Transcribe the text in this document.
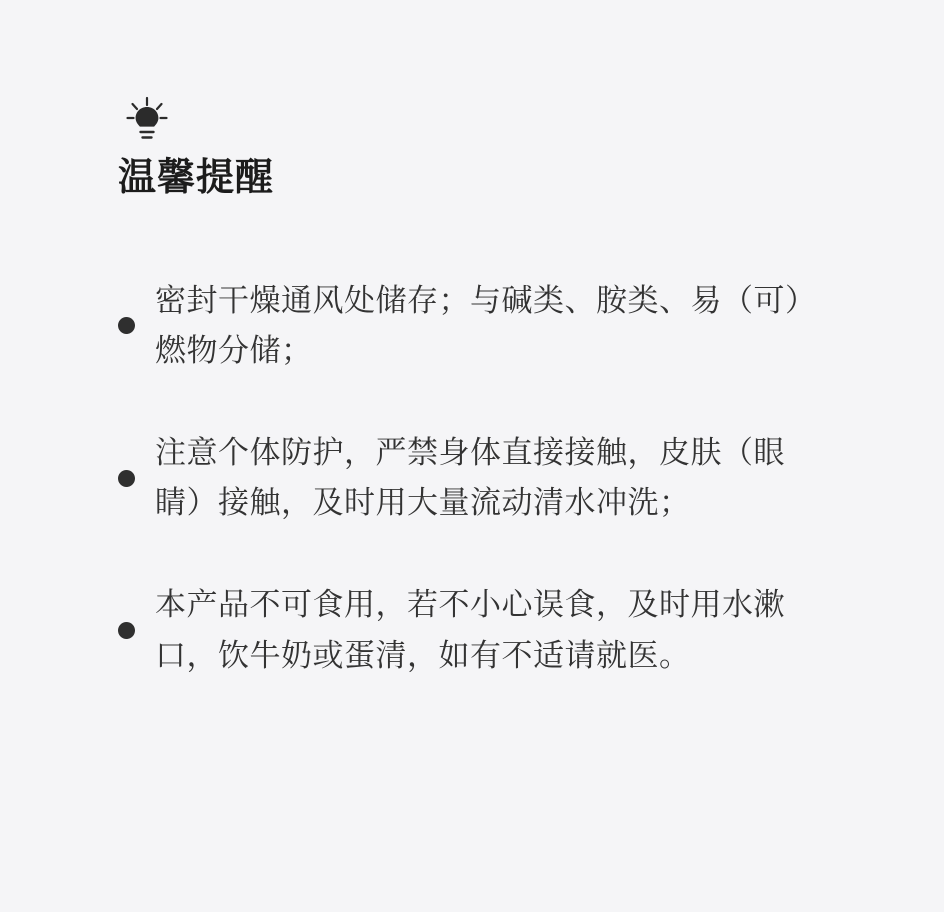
温馨提醒
密封干燥通风处储存；与碱类、胺类、易（可）燃物分储；
注意个体防护，严禁身体直接接触，皮肤（眼睛）接触，及时用大量流动清水冲洗；
本产品不可食用，若不小心误食，及时用水漱口，饮牛奶或蛋清，如有不适请就医。
